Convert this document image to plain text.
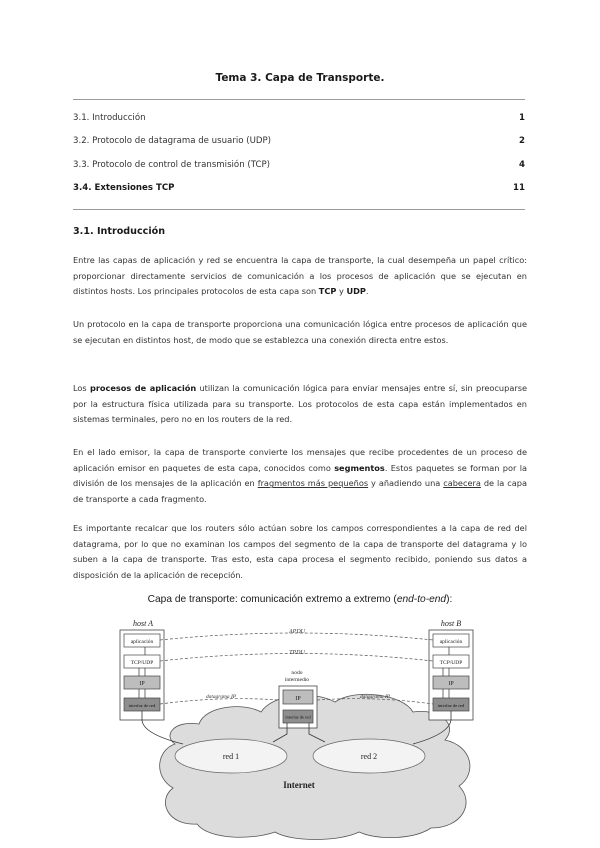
Tema 3. Capa de Transporte.
3.1. Introducción	1
3.2. Protocolo de datagrama de usuario (UDP)	2
3.3. Protocolo de control de transmisión (TCP)	4
3.4. Extensiones TCP	11
3.1. Introducción
Entre las capas de aplicación y red se encuentra la capa de transporte, la cual desempeña un papel crítico: proporcionar directamente servicios de comunicación a los procesos de aplicación que se ejecutan en distintos hosts. Los principales protocolos de esta capa son TCP y UDP.
Un protocolo en la capa de transporte proporciona una comunicación lógica entre procesos de aplicación que se ejecutan en distintos host, de modo que se establezca una conexión directa entre estos.
Los procesos de aplicación utilizan la comunicación lógica para enviar mensajes entre sí, sin preocuparse por la estructura física utilizada para su transporte. Los protocolos de esta capa están implementados en sistemas terminales, pero no en los routers de la red.
En el lado emisor, la capa de transporte convierte los mensajes que recibe procedentes de un proceso de aplicación emisor en paquetes de esta capa, conocidos como segmentos. Estos paquetes se forman por la división de los mensajes de la aplicación en fragmentos más pequeños y añadiendo una cabecera de la capa de transporte a cada fragmento.
Es importante recalcar que los routers sólo actúan sobre los campos correspondientes a la capa de red del datagrama, por lo que no examinan los campos del segmento de la capa de transporte del datagrama y lo suben a la capa de transporte. Tras esto, esta capa procesa el segmento recibido, poniendo sus datos a disposición de la aplicación de recepción.
Capa de transporte: comunicación extremo a extremo (end-to-end):
host A
aplicación
TCP/UDP
IP
interfaz de red
host B
aplicación
TCP/UDP
IP
interfaz de red
APDU
TPDU
nodo
intermedio
IP
interfaz de red
datagrama IP	datagrama IP
red 1	red 2
Internet
